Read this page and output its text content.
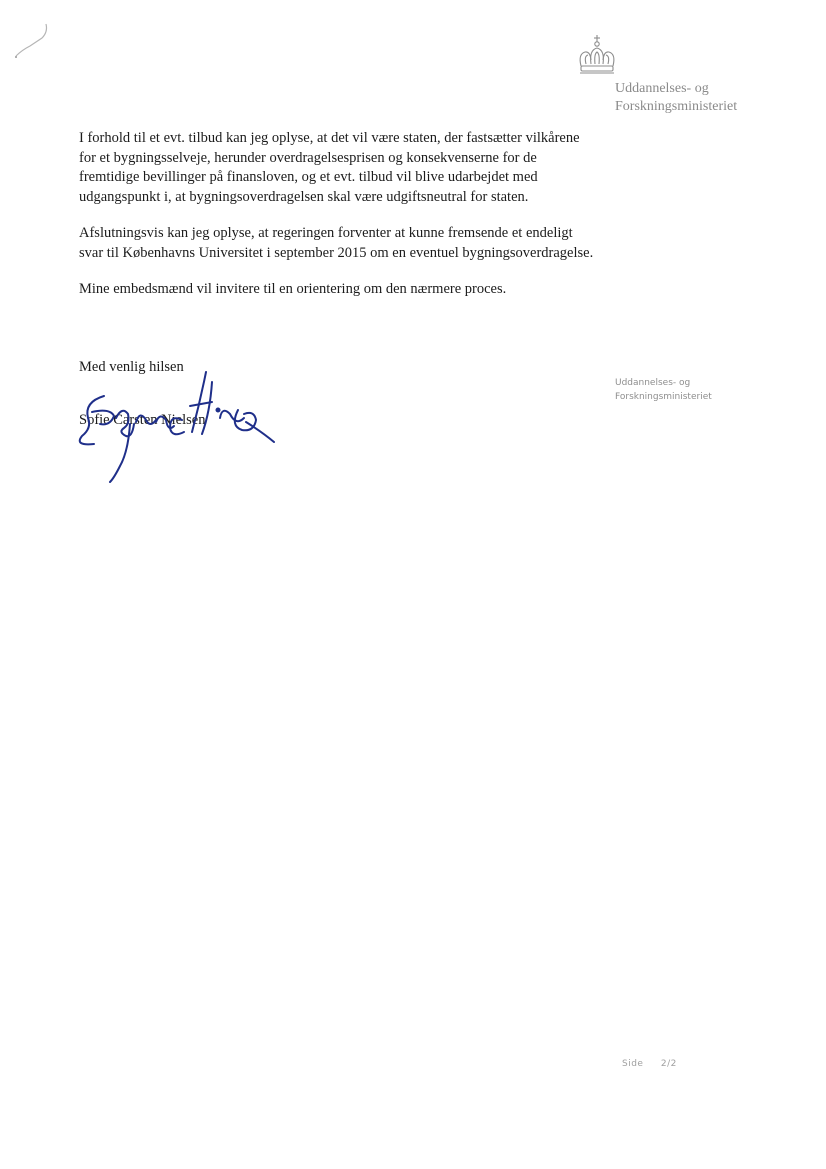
Uddannelses- og
Forskningsministeriet

I forhold til et evt. tilbud kan jeg oplyse, at det vil være staten, der fastsætter vilkårene for et bygningsselveje, herunder overdragelsesprisen og konsekvenserne for de fremtidige bevillinger på finansloven, og et evt. tilbud vil blive udarbejdet med udgangspunkt i, at bygningsoverdragelsen skal være udgiftsneutral for staten.

Afslutningsvis kan jeg oplyse, at regeringen forventer at kunne fremsende et endeligt svar til Københavns Universitet i september 2015 om en eventuel bygningsoverdragelse.

Mine embedsmænd vil invitere til en orientering om den nærmere proces.

Med venlig hilsen
Sofie Carsten Nielsen
Uddannelses- og
Forskningsministeriet
Side 2/2
